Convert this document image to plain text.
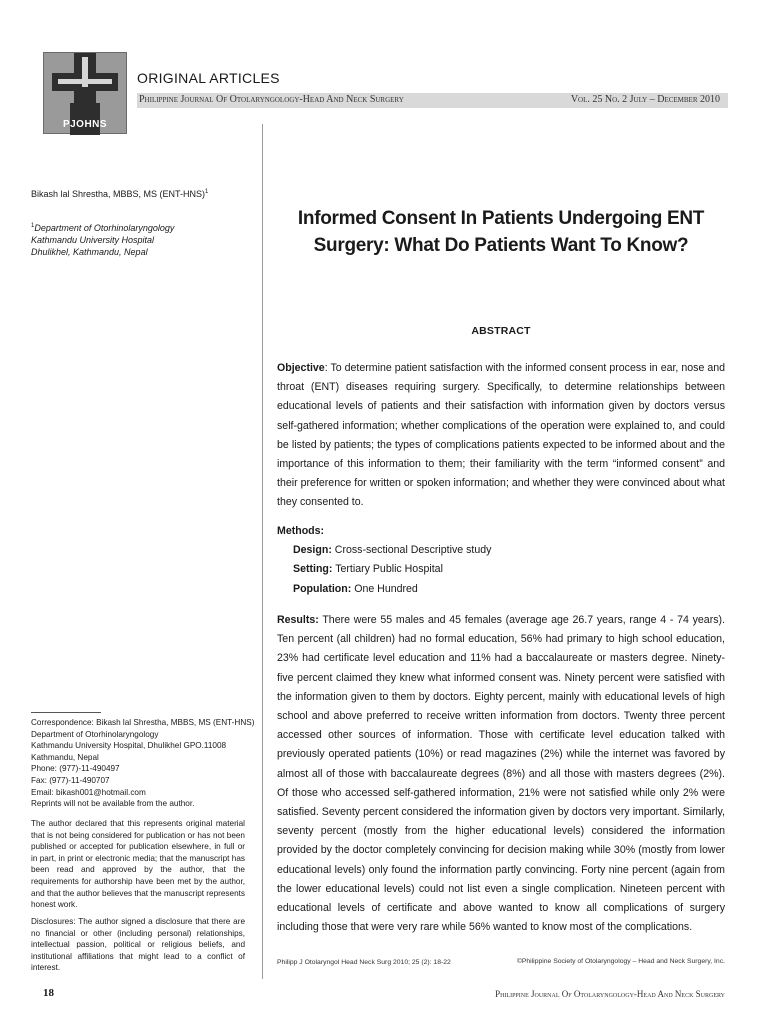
PJOHNS
ORIGINAL ARTICLES
Philippine Journal Of Otolaryngology-Head And Neck Surgery	Vol. 25 No. 2 July – December 2010
Bikash lal Shrestha, MBBS, MS $(ENT-HNS)^1$
$^1$Department of Otorhinolaryngology
Kathmandu University Hospital
Dhulikhel, Kathmandu, Nepal
Correspondence: Bikash lal Shrestha, MBBS, MS (ENT-HNS)
Department of Otorhinolaryngology
Kathmandu University Hospital, Dhulikhel GPO.11008
Kathmandu, Nepal
Phone: (977)-11-490497
Fax: (977)-11-490707
Email: bikash001@hotmail.com
Reprints will not be available from the author.
The author declared that this represents original material that is not being considered for publication or has not been published or accepted for publication elsewhere, in full or in part, in print or electronic media; that the manuscript has been read and approved by the author, that the requirements for authorship have been met by the author, and that the author believes that the manuscript represents honest work.
Disclosures: The author signed a disclosure that there are no financial or other (including personal) relationships, intellectual passion, political or religious beliefs, and institutional affiliations that might lead to a conflict of interest.
Informed Consent In Patients Undergoing ENT Surgery: What Do Patients Want To Know?
ABSTRACT
Objective: To determine patient satisfaction with the informed consent process in ear, nose and throat (ENT) diseases requiring surgery. Specifically, to determine relationships between educational levels of patients and their satisfaction with information given by doctors versus self-gathered information; whether complications of the operation were explained to, and could be listed by patients; the types of complications patients expected to be informed about and the importance of this information to them; their familiarity with the term “informed consent” and their preference for written or spoken information; and whether they were convinced about what they consented to.
Methods:
Design: Cross-sectional Descriptive study
Setting: Tertiary Public Hospital
Population: One Hundred
Results: There were 55 males and 45 females (average age 26.7 years, range 4 - 74 years). Ten percent (all children) had no formal education, 56% had primary to high school education, 23% had certificate level education and 11% had a baccalaureate or masters degree. Ninety-five percent claimed they knew what informed consent was. Ninety percent were satisfied with the information given to them by doctors. Eighty percent, mainly with educational levels of high school and above preferred to receive written information from doctors. Twenty three percent accessed other sources of information. Those with certificate level education talked with previously operated patients (10%) or read magazines (2%) while the internet was favored by almost all of those with baccalaureate degrees (8%) and all those with masters degrees (2%). Of those who accessed self-gathered information, 21% were not satisfied while only 2% were satisfied. Seventy percent considered the information given by doctors very important. Similarly, seventy percent (mostly from the higher educational levels) considered the information provided by the doctor completely convincing for decision making while 30% (mostly from lower educational levels) only found the information partly convincing. Forty nine percent (again from the lower educational levels) could not list even a single complication. Nineteen percent with educational levels of certificate and above wanted to know all complications of surgery including those that were very rare while 56% wanted to know most of the complications.
Philipp J Otolaryngol Head Neck Surg 2010; 25 (2): 18-22	©Philippine Society of Otolaryngology – Head and Neck Surgery, Inc.
18	Philippine Journal Of Otolaryngology-Head And Neck Surgery
